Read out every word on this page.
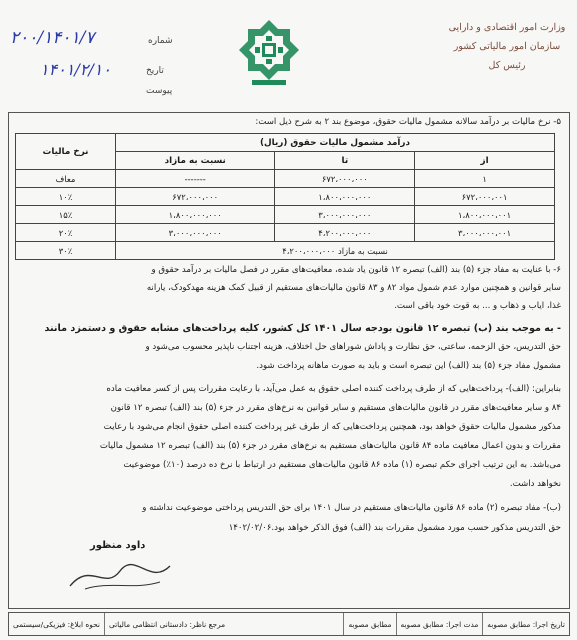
۲۰۰/۱۴۰۱/۷	شماره
۱۴۰۱/۲/۱۰	تاریخ
پیوست
وزارت امور اقتصادی و دارایی
سازمان امور مالیاتی کشور
رئیس کل
۵- نرخ مالیات بر درآمد سالانه مشمول مالیات حقوق، موضوع بند ۲ به شرح ذیل است:
نرخ مالیات	درآمد مشمول مالیات حقوق (ریال)		
	نسبت به مازاد	تا	از
معاف	-------	۶۷۲،۰۰۰،۰۰۰	۱
۱۰٪	۶۷۲،۰۰۰،۰۰۰	۱،۸۰۰،۰۰۰،۰۰۰	۶۷۲،۰۰۰،۰۰۱
۱۵٪	۱،۸۰۰،۰۰۰،۰۰۰	۳،۰۰۰،۰۰۰،۰۰۰	۱،۸۰۰،۰۰۰،۰۰۱
۲۰٪	۳،۰۰۰،۰۰۰،۰۰۰	۴،۲۰۰،۰۰۰،۰۰۰	۳،۰۰۰،۰۰۰،۰۰۱
۳۰٪	نسبت به مازاد ۴،۲۰۰،۰۰۰،۰۰۰		
۶- با عنایت به مفاد جزء (۵) بند (الف) تبصره ۱۲ قانون یاد شده، معافیت‌های مقرر در فصل مالیات بر درآمد حقوق و
سایر قوانین و همچنین موارد عدم شمول مواد ۸۲ و ۸۳ قانون مالیات‌های مستقیم از قبیل کمک هزینه مهدکودک، یارانه
غذا، ایاب و ذهاب و ... به قوت خود باقی است.
- به موجب بند (ب) تبصره ۱۲ قانون بودجه سال ۱۴۰۱ کل کشور، کلیه پرداخت‌های مشابه حقوق و دستمزد مانند
حق التدریس، حق الزحمه، ساعتی، حق نظارت و پاداش شوراهای حل اختلاف، هزینه اجتناب ناپذیر محسوب می‌شود و
مشمول مفاد جزء (۵) بند (الف) این تبصره است و باید به صورت ماهانه پرداخت شود.
بنابراین: (الف)- پرداخت‌هایی که از طرف پرداخت کننده اصلی حقوق به عمل می‌آید، با رعایت مقررات پس از کسر معافیت ماده
۸۴ و سایر معافیت‌های مقرر در قانون مالیات‌های مستقیم و سایر قوانین به نرخ‌های مقرر در جزء (۵) بند (الف) تبصره ۱۲ قانون
مذکور مشمول مالیات حقوق خواهد بود، همچنین پرداخت‌هایی که از طرف غیر پرداخت کننده اصلی حقوق انجام می‌شود با رعایت
مقررات و بدون اعمال معافیت ماده ۸۴ قانون مالیات‌های مستقیم به نرخ‌های مقرر در جزء (۵) بند (الف) تبصره ۱۲ مشمول مالیات
می‌باشد. به این ترتیب اجرای حکم تبصره (۱) ماده ۸۶ قانون مالیات‌های مستقیم در ارتباط با نرخ ده درصد (۱۰٪) موضوعیت
نخواهد داشت.
(ب)- مفاد تبصره (۲) ماده ۸۶ قانون مالیات‌های مستقیم در سال ۱۴۰۱ برای حق التدریس پرداختی موضوعیت نداشته و
حق التدریس مذکور حسب مورد مشمول مقررات بند (الف) فوق الذکر خواهد بود.۱۴۰۲/۰۲/۰۶
داود منظور
تاریخ اجرا: مطابق مصوبه
مدت اجرا: مطابق مصوبه
مطابق مصوبه
مرجع ناظر: دادستانی انتظامی مالیاتی
نحوه ابلاغ: فیزیکی/سیستمی
